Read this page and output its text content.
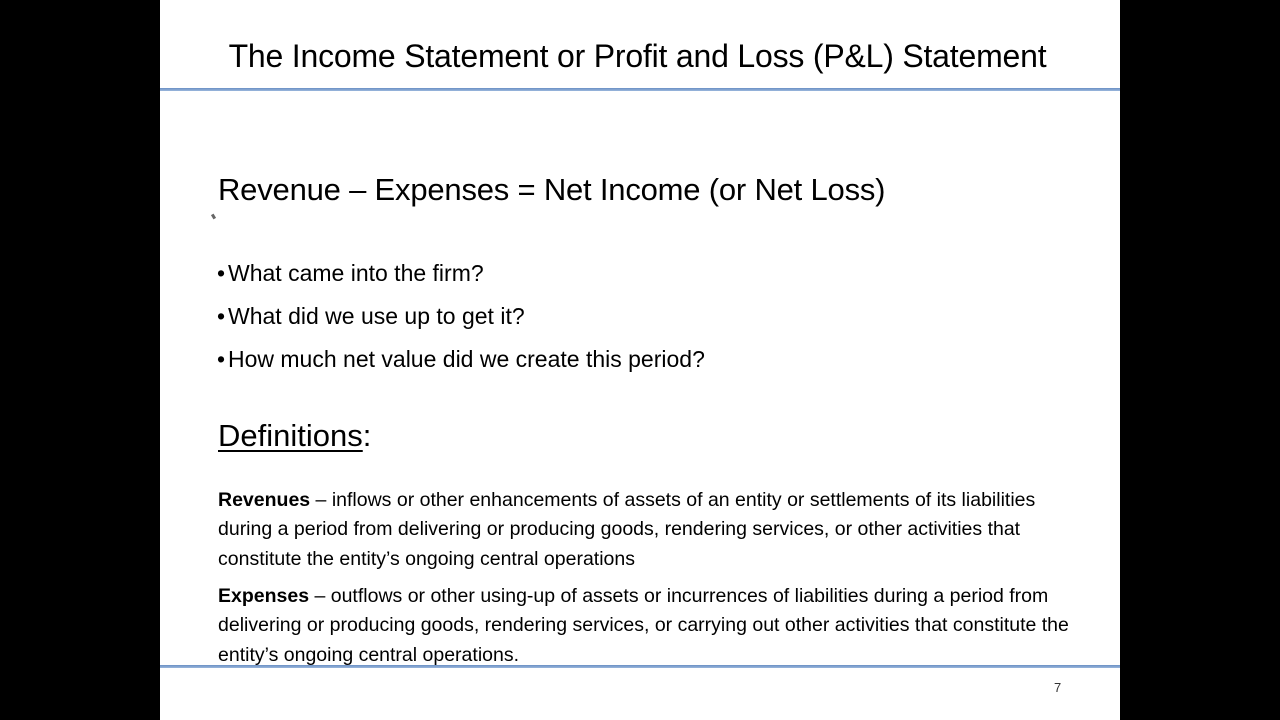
The Income Statement or Profit and Loss (P&L) Statement
Revenue – Expenses = Net Income (or Net Loss)
• What came into the firm?
• What did we use up to get it?
• How much net value did we create this period?
Definitions:

Revenues – inflows or other enhancements of assets of an entity or settlements of its liabilities during a period from delivering or producing goods, rendering services, or other activities that constitute the entity’s ongoing central operations

Expenses – outflows or other using-up of assets or incurrences of liabilities during a period from delivering or producing goods, rendering services, or carrying out other activities that constitute the entity’s ongoing central operations.

7
